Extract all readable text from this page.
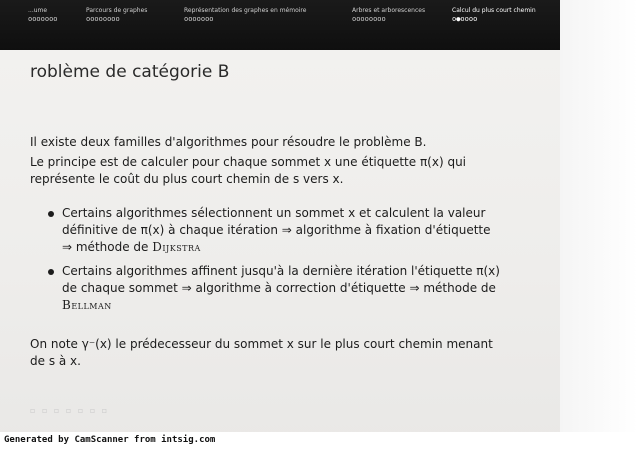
...ume
ooooooo
Parcours de graphes
oooooooo
Représentation des graphes en mémoire
ooooooo
Arbres et arborescences
oooooooo
Calcul du plus court chemin
o●oooo
roblème de catégorie B
Il existe deux familles d'algorithmes pour résoudre le problème B.
Le principe est de calculer pour chaque sommet x une étiquette π(x) qui
représente le coût du plus court chemin de s vers x.
Certains algorithmes sélectionnent un sommet x et calculent la valeur
définitive de π(x) à chaque itération ⇒ algorithme à fixation d'étiquette
⇒ méthode de Dijkstra
Certains algorithmes affinent jusqu'à la dernière itération l'étiquette π(x)
de chaque sommet ⇒ algorithme à correction d'étiquette ⇒ méthode de
Bellman
On note γ⁻(x) le prédecesseur du sommet x sur le plus court chemin menant
de s à x.
▫ ▫ ▫ ▫ ▫ ▫ ▫
Generated by CamScanner from intsig.com
